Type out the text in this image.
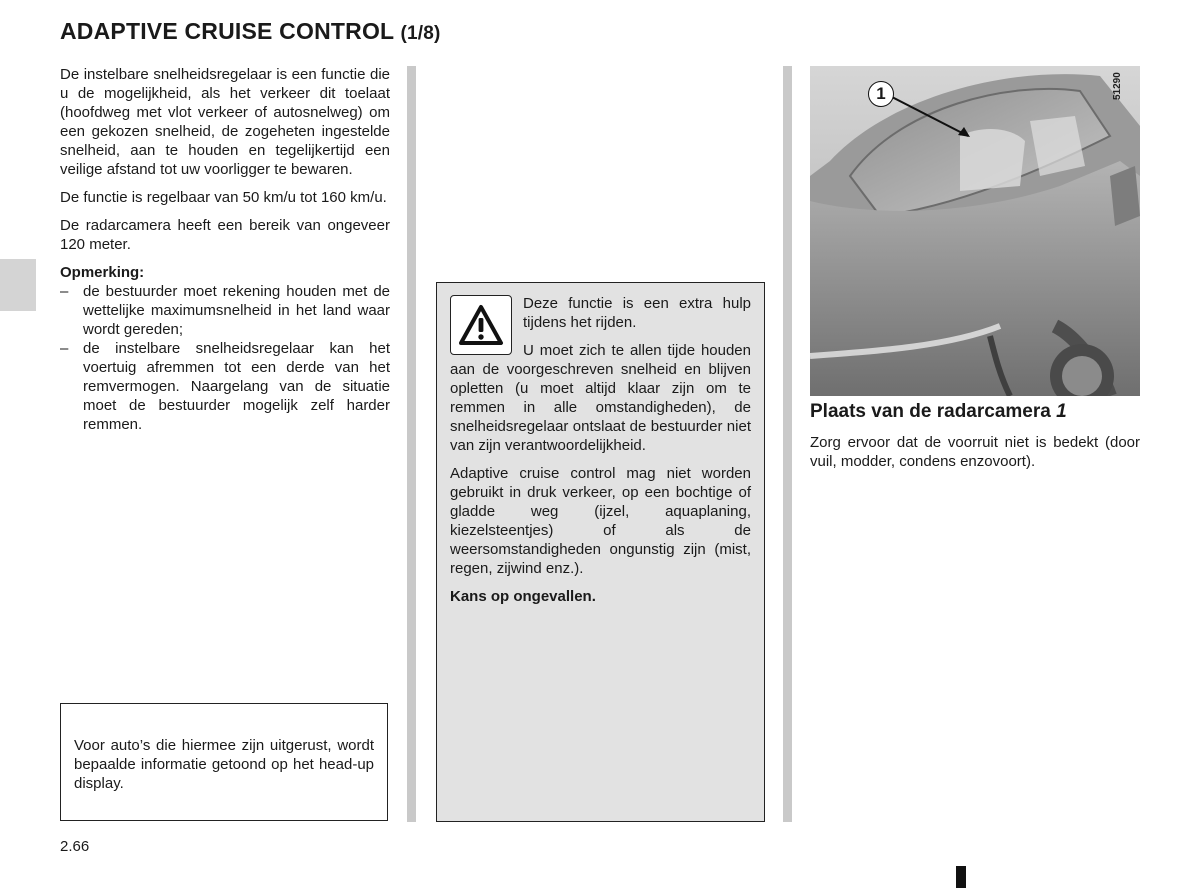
ADAPTIVE CRUISE CONTROL (1/8)

De instelbare snelheidsregelaar is een functie die u de mogelijkheid, als het verkeer dit toelaat (hoofdweg met vlot verkeer of autosnelweg) om een gekozen snelheid, de zogeheten ingestelde snelheid, aan te houden en tegelijkertijd een veilige afstand tot uw voorligger te bewaren.

De functie is regelbaar van 50 km/u tot 160 km/u.

De radarcamera heeft een bereik van ongeveer 120 meter.

Opmerking:
– de bestuurder moet rekening houden met de wettelijke maximumsnelheid in het land waar wordt gereden;
– de instelbare snelheidsregelaar kan het voertuig afremmen tot een derde van het remvermogen. Naargelang van de situatie moet de bestuurder mogelijk zelf harder remmen.
Voor auto’s die hiermee zijn uitgerust, wordt bepaalde informatie getoond op het head-up display.

Deze functie is een extra hulp tijdens het rijden.

U moet zich te allen tijde houden aan de voorgeschreven snelheid en blijven opletten (u moet altijd klaar zijn om te remmen in alle omstandigheden), de snelheidsregelaar ontslaat de bestuurder niet van zijn verantwoordelijkheid.

Adaptive cruise control mag niet worden gebruikt in druk verkeer, op een bochtige of gladde weg (ijzel, aquaplaning, kiezelsteentjes) of als de weersomstandigheden ongunstig zijn (mist, regen, zijwind enz.).

Kans op ongevallen.

1	51290
Plaats van de radarcamera 1
Zorg ervoor dat de voorruit niet is bedekt (door vuil, modder, condens enzovoort).
2.66
